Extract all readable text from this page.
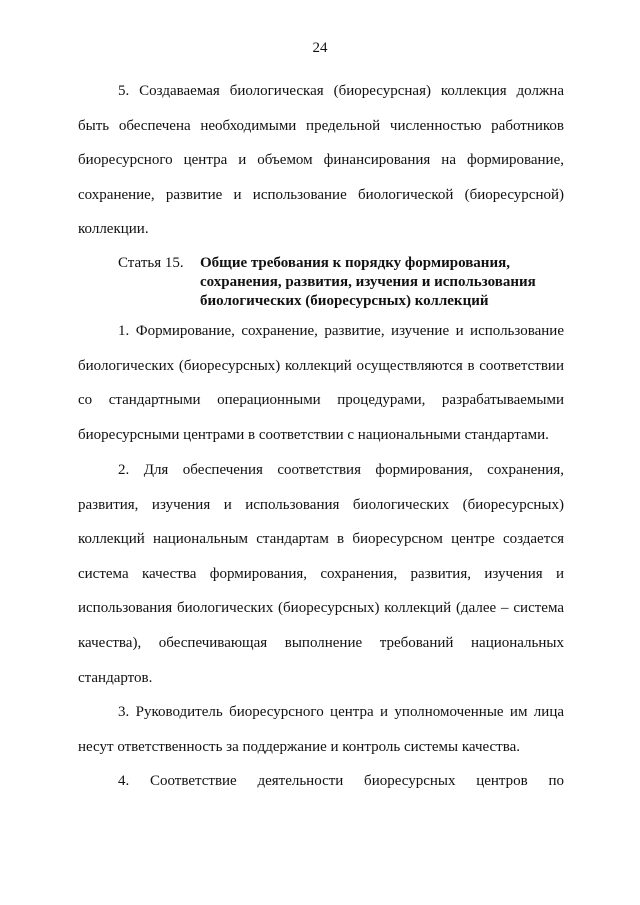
24

5. Создаваемая биологическая (биоресурсная) коллекция должна быть обеспечена необходимыми предельной численностью работников биоресурсного центра и объемом финансирования на формирование, сохранение, развитие и использование биологической (биоресурсной) коллекции.

Статья 15. Общие требования к порядку формирования, сохранения, развития, изучения и использования биологических (биоресурсных) коллекций

1. Формирование, сохранение, развитие, изучение и использование биологических (биоресурсных) коллекций осуществляются в соответствии со стандартными операционными процедурами, разрабатываемыми биоресурсными центрами в соответствии с национальными стандартами.

2. Для обеспечения соответствия формирования, сохранения, развития, изучения и использования биологических (биоресурсных) коллекций национальным стандартам в биоресурсном центре создается система качества формирования, сохранения, развития, изучения и использования биологических (биоресурсных) коллекций (далее – система качества), обеспечивающая выполнение требований национальных стандартов.

3. Руководитель биоресурсного центра и уполномоченные им лица несут ответственность за поддержание и контроль системы качества.

4. Соответствие деятельности биоресурсных центров по
